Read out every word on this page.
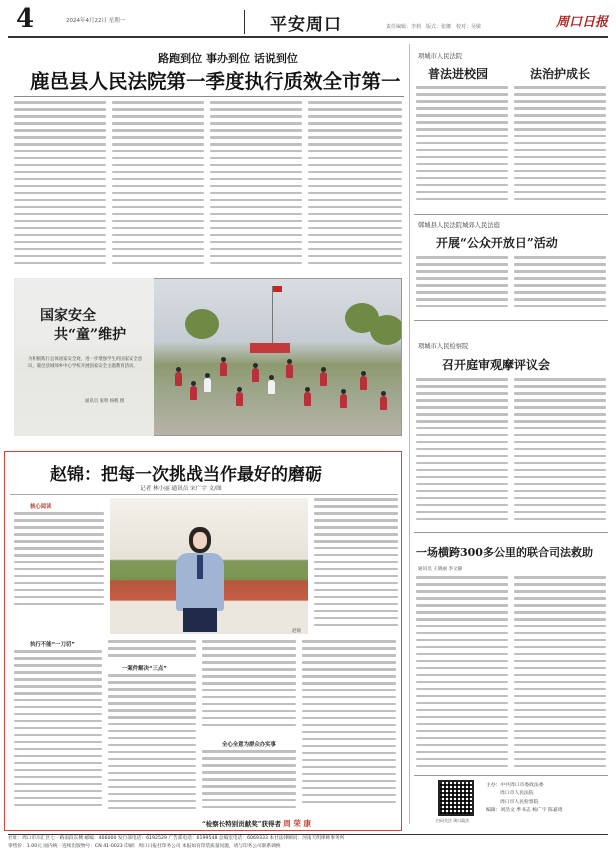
4	2024年4月22日 星期一	平安周口	责任编辑：李莉　版式：张娜　校对：吴敏	周口日报
路跑到位 事办到位 话说到位
鹿邑县人民法院第一季度执行质效全市第一
国家安全
共“童”维护
为积极践行总体国家安全观，进一步增强学生的国家安全意识，鹿邑县城郊乡中心学校开展国家安全主题教育活动。
通讯员 张明 杨帆 摄
赵锦：把每一次挑战当作最好的磨砺
记者 林小丽 通讯员 宋广宇 文/图
核心阅读
赵锦
执行不能“一刀切”
一案件解决“三点”
全心全意为群众办实事
“检察长特别贡献奖”获得者 周 荣 康
项城市人民法院
普法进校园	法治护成长
郸城县人民法院城郊人民法庭
开展“公众开放日”活动
项城市人民检察院
召开庭审观摩评议会
一场横跨300多公里的联合司法救助
通讯员 王晓丽 李文静
扫码关注 周口政法
主办：中共周口市委政法委
周口市人民法院
周口市人民检察院
编辑：刘浩文 季书志 杨广宇 陈嘉琦

社址：周口市川汇区七一路南段东侧 邮编：466000 发行部电话：6192529 广告部电话：6199548 总编室电话：6069333 本社法律顾问：河南天明律师事务所

零售价：1.00元 国内统一连续出版物号：CN 41-0023 印刷：周口日报社印务公司 本报如有印装质量问题，请与印务公司联系调换
